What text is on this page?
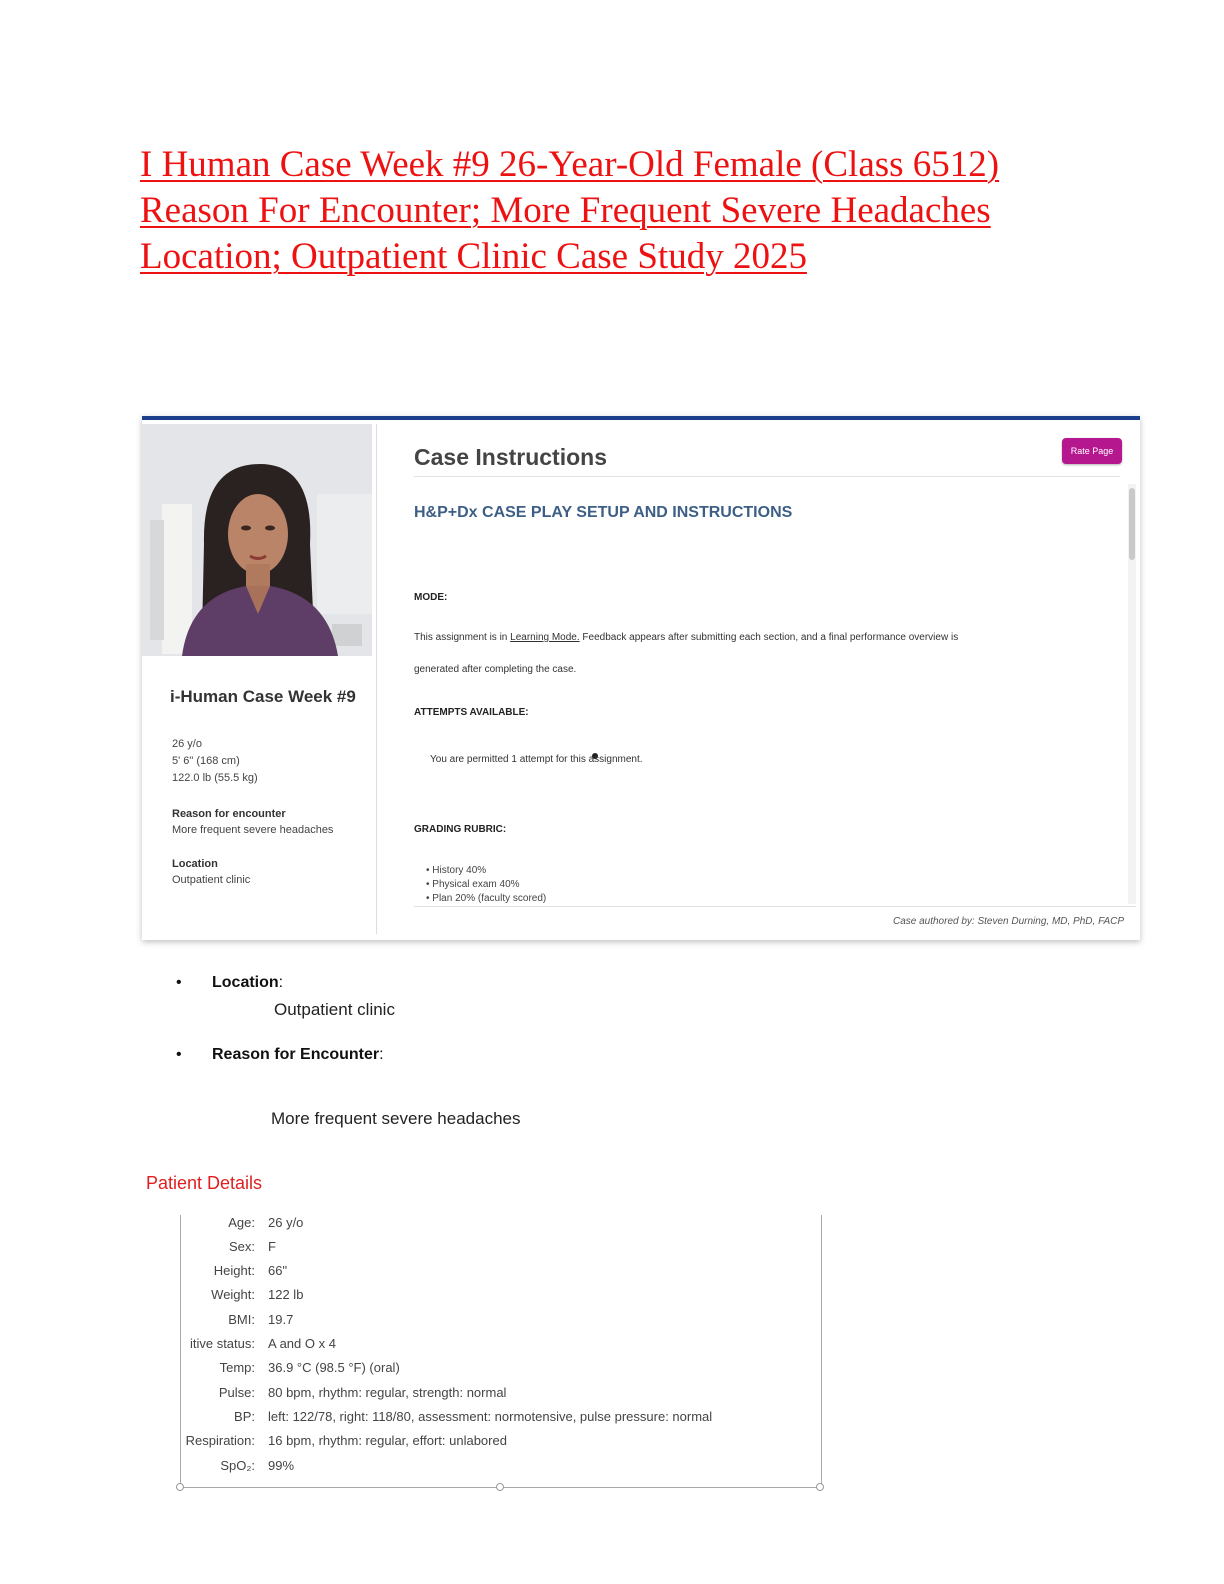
I Human Case Week #9 26-Year-Old Female (Class 6512) Reason For Encounter; More Frequent Severe Headaches Location; Outpatient Clinic Case Study 2025
i-Human Case Week #9
26 y/o
5' 6" (168 cm)
122.0 lb (55.5 kg)
Reason for encounter
More frequent severe headaches
Location
Outpatient clinic
Case Instructions	Rate Page
H&P+Dx CASE PLAY SETUP AND INSTRUCTIONS
MODE:
This assignment is in Learning Mode. Feedback appears after submitting each section, and a final performance overview is
generated after completing the case.
ATTEMPTS AVAILABLE:
You are permitted 1 attempt for this assignment.
GRADING RUBRIC:
• History 40%
• Physical exam 40%
• Plan 20% (faculty scored)
Case authored by: Steven Durning, MD, PhD, FACP
• Location:
Outpatient clinic
• Reason for Encounter:
More frequent severe headaches
Patient Details
Age: 26 y/o
Sex: F
Height: 66"
Weight: 122 lb
BMI: 19.7
itive status: A and O x 4
Temp: 36.9 °C (98.5 °F) (oral)
Pulse: 80 bpm, rhythm: regular, strength: normal
BP: left: 122/78, right: 118/80, assessment: normotensive, pulse pressure: normal
Respiration: 16 bpm, rhythm: regular, effort: unlabored
SpO₂: 99%
